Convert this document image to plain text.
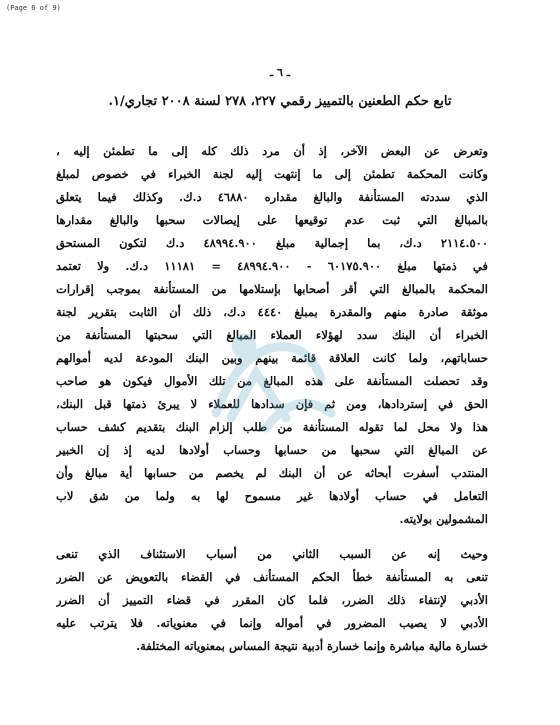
(Page 6 of 9)
ـ ٦ ـ
تابع حكم الطعنين بالتمييز رقمي ٢٢٧، ٢٧٨ لسنة ٢٠٠٨ تجاري/١.
وتعرض عن البعض الآخر، إذ أن مرد ذلك كله إلى ما تطمئن إليه ،
وكانت المحكمة تطمئن إلى ما إنتهت إليه لجنة الخبراء في خصوص لمبلغ
الذي سددته المستأنفة والبالغ مقداره ٤٦٨٨٠ د.ك. وكذلك فيما يتعلق
بالمبالغ التي ثبت عدم توقيعها على إيصالات سحبها والبالغ مقدارها
٢١١٤.٥٠٠ د.ك، بما إجمالية مبلغ ٤٨٩٩٤.٩٠٠ د.ك لتكون المستحق
في ذمتها مبلغ ٦٠١٧٥.٩٠٠ - ٤٨٩٩٤.٩٠٠ = ١١١٨١ د.ك. ولا تعتمد
المحكمة بالمبالغ التي أقر أصحابها بإستلامها من المستأنفة بموجب إقرارات
موثقة صادرة منهم والمقدرة بمبلغ ٤٤٤٠ د.ك، ذلك أن الثابت بتقرير لجنة
الخبراء أن البنك سدد لهؤلاء العملاء المبالغ التي سحبتها المستأنفة من
حساباتهم، ولما كانت العلاقة قائمة بينهم وبين البنك المودعة لديه أموالهم
وقد تحصلت المستأنفة على هذه المبالغ من تلك الأموال فيكون هو صاحب
الحق في إستردادها، ومن ثم فإن سدادها للعملاء لا يبرئ ذمتها قبل البنك،
هذا ولا محل لما تقوله المستأنفة من طلب إلزام البنك بتقديم كشف حساب
عن المبالغ التي سحبها من حسابها وحساب أولادها لديه إذ إن الخبير
المنتدب أسفرت أبحاثه عن أن البنك لم يخصم من حسابها أية مبالغ وأن
التعامل في حساب أولادها غير مسموح لها به ولما من شق لاب
المشمولين بولايته.
وحيث إنه عن السبب الثاني من أسباب الاستئناف الذي تنعى
تنعى به المستأنفة خطأ الحكم المستأنف في القضاء بالتعويض عن الضرر
الأدبي لإنتفاء ذلك الضرر، فلما كان المقرر في قضاء التمييز أن الضرر
الأدبي لا يصيب المضرور في أمواله وإنما في معنوياته. فلا يترتب عليه
خسارة مالية مباشرة وإنما خسارة أدبية نتيجة المساس بمعنوياته المختلفة.
